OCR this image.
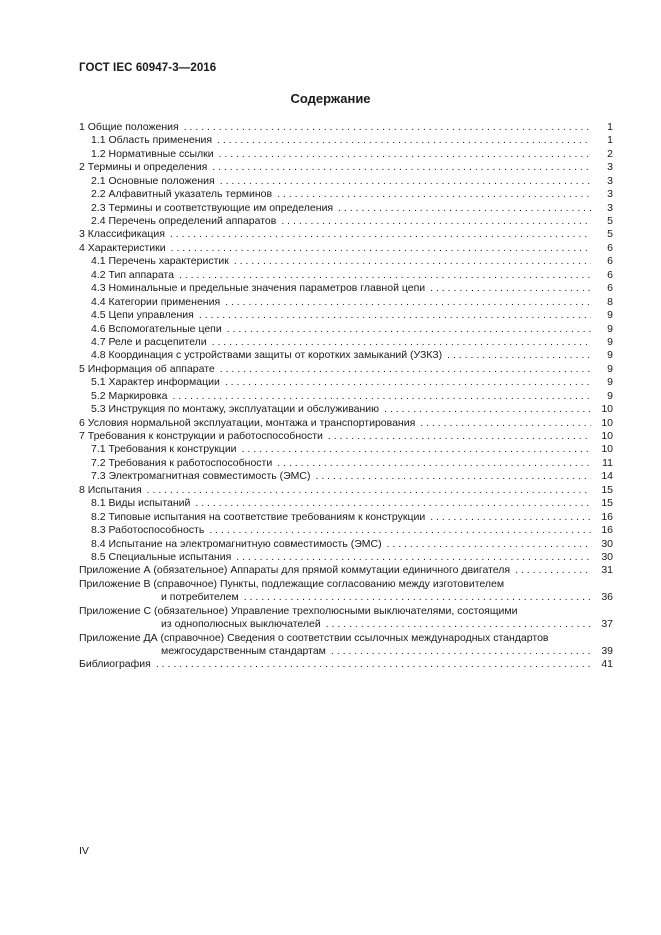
ГОСТ IEC 60947-3—2016
Содержание
1 Общие положения . . .	1
1.1 Область применения . . .	1
1.2 Нормативные ссылки . . .	2
2 Термины и определения . . .	3
2.1 Основные положения . . .	3
2.2 Алфавитный указатель терминов . . .	3
2.3 Термины и соответствующие им определения . . .	3
2.4 Перечень определений аппаратов . . .	5
3 Классификация . . .	5
4 Характеристики . . .	6
4.1 Перечень характеристик . . .	6
4.2 Тип аппарата . . .	6
4.3 Номинальные и предельные значения параметров главной цепи . . .	6
4.4 Категории применения . . .	8
4.5 Цепи управления . . .	9
4.6 Вспомогательные цепи . . .	9
4.7 Реле и расцепители . . .	9
4.8 Координация с устройствами защиты от коротких замыканий (УЗКЗ) . . .	9
5 Информация об аппарате . . .	9
5.1 Характер информации . . .	9
5.2 Маркировка . . .	9
5.3 Инструкция по монтажу, эксплуатации и обслуживанию . . .	10
6 Условия нормальной эксплуатации, монтажа и транспортирования . . .	10
7 Требования к конструкции и работоспособности . . .	10
7.1 Требования к конструкции . . .	10
7.2 Требования к работоспособности . . .	11
7.3 Электромагнитная совместимость (ЭМС) . . .	14
8 Испытания . . .	15
8.1 Виды испытаний . . .	15
8.2 Типовые испытания на соответствие требованиям к конструкции . . .	16
8.3 Работоспособность . . .	16
8.4 Испытание на электромагнитную совместимость (ЭМС) . . .	30
8.5 Специальные испытания . . .	30
Приложение А (обязательное) Аппараты для прямой коммутации единичного двигателя . . .	31
Приложение В (справочное) Пункты, подлежащие согласованию между изготовителем
и потребителем . . .	36
Приложение С (обязательное) Управление трехполюсными выключателями, состоящими
из однополюсных выключателей . . .	37
Приложение ДА (справочное) Сведения о соответствии ссылочных международных стандартов
межгосударственным стандартам . . .	39
Библиография . . .	41
IV
